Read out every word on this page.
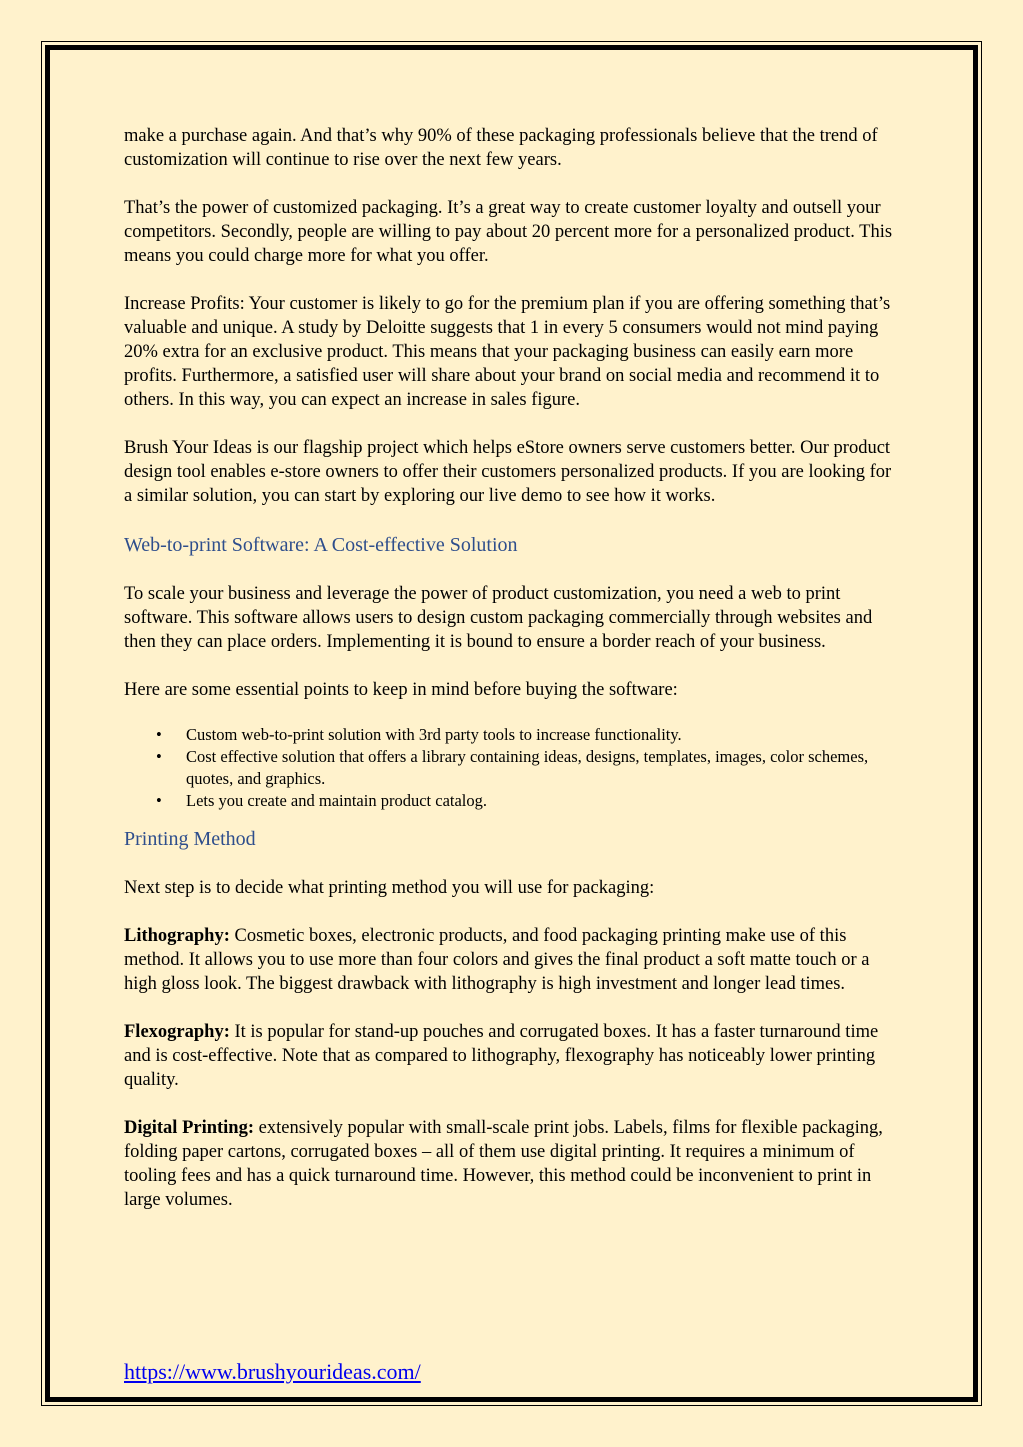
make a purchase again. And that’s why 90% of these packaging professionals believe that the trend of customization will continue to rise over the next few years.

That’s the power of customized packaging. It’s a great way to create customer loyalty and outsell your competitors. Secondly, people are willing to pay about 20 percent more for a personalized product. This means you could charge more for what you offer.

Increase Profits: Your customer is likely to go for the premium plan if you are offering something that’s valuable and unique. A study by Deloitte suggests that 1 in every 5 consumers would not mind paying 20% extra for an exclusive product. This means that your packaging business can easily earn more profits. Furthermore, a satisfied user will share about your brand on social media and recommend it to others. In this way, you can expect an increase in sales figure.

Brush Your Ideas is our flagship project which helps eStore owners serve customers better. Our product design tool enables e-store owners to offer their customers personalized products. If you are looking for a similar solution, you can start by exploring our live demo to see how it works.

Web-to-print Software: A Cost-effective Solution

To scale your business and leverage the power of product customization, you need a web to print software. This software allows users to design custom packaging commercially through websites and then they can place orders. Implementing it is bound to ensure a border reach of your business.

Here are some essential points to keep in mind before buying the software:

• Custom web-to-print solution with 3rd party tools to increase functionality.
• Cost effective solution that offers a library containing ideas, designs, templates, images, color schemes, quotes, and graphics.
• Lets you create and maintain product catalog.

Printing Method

Next step is to decide what printing method you will use for packaging:

Lithography: Cosmetic boxes, electronic products, and food packaging printing make use of this method. It allows you to use more than four colors and gives the final product a soft matte touch or a high gloss look. The biggest drawback with lithography is high investment and longer lead times.

Flexography: It is popular for stand-up pouches and corrugated boxes. It has a faster turnaround time and is cost-effective. Note that as compared to lithography, flexography has noticeably lower printing quality.

Digital Printing: extensively popular with small-scale print jobs. Labels, films for flexible packaging, folding paper cartons, corrugated boxes – all of them use digital printing. It requires a minimum of tooling fees and has a quick turnaround time. However, this method could be inconvenient to print in large volumes.

https://www.brushyourideas.com/
